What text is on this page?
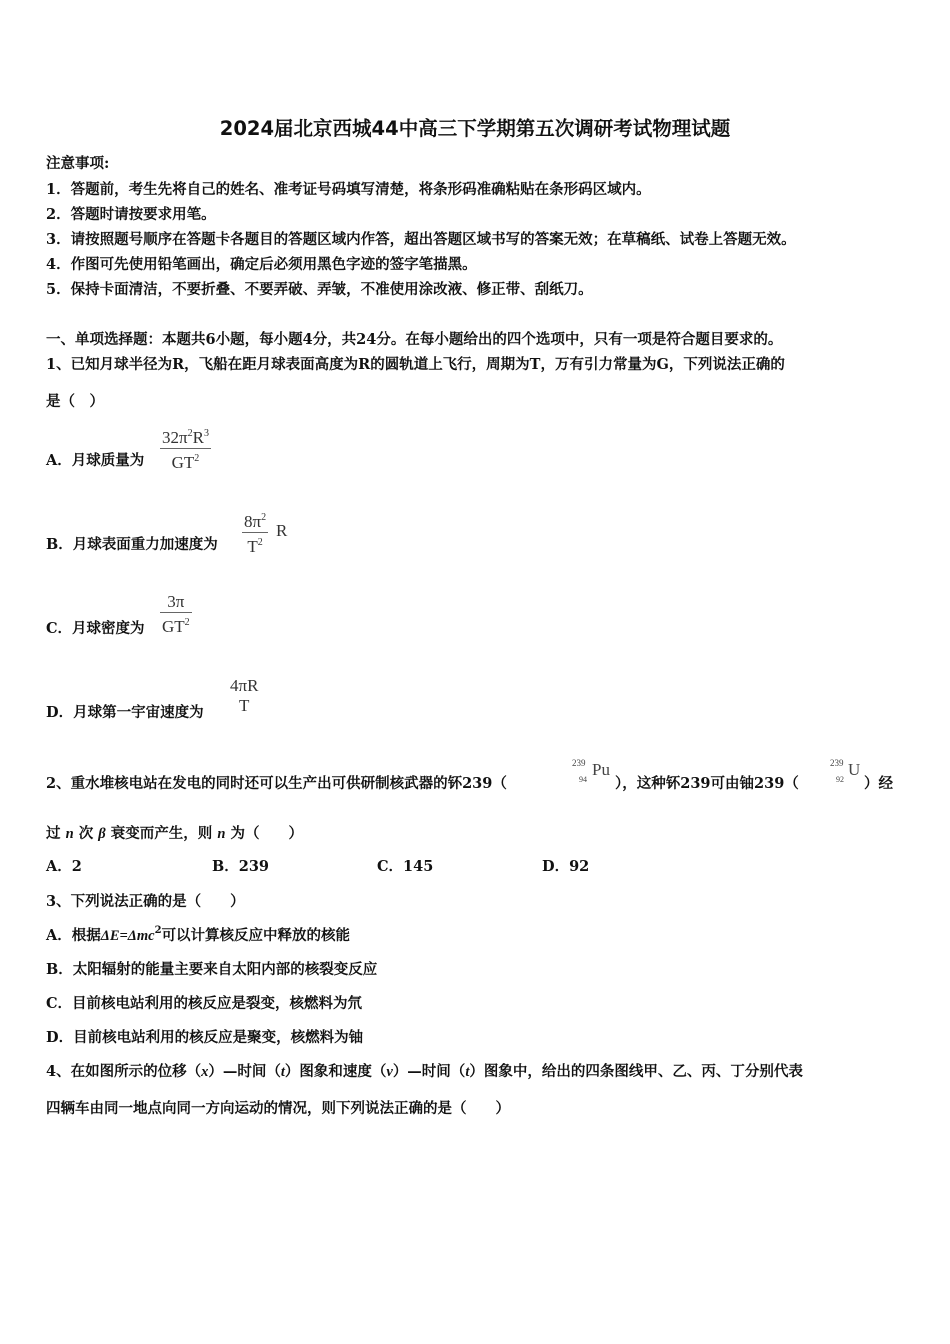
2024届北京西城44中高三下学期第五次调研考试物理试题
注意事项:
1．答题前，考生先将自己的姓名、准考证号码填写清楚，将条形码准确粘贴在条形码区域内。
2．答题时请按要求用笔。
3．请按照题号顺序在答题卡各题目的答题区域内作答，超出答题区域书写的答案无效；在草稿纸、试卷上答题无效。
4．作图可先使用铅笔画出，确定后必须用黑色字迹的签字笔描黑。
5．保持卡面清洁，不要折叠、不要弄破、弄皱，不准使用涂改液、修正带、刮纸刀。
一、单项选择题：本题共6小题，每小题4分，共24分。在每小题给出的四个选项中，只有一项是符合题目要求的。
1、已知月球半径为R，飞船在距月球表面高度为R的圆轨道上飞行，周期为T，万有引力常量为G，下列说法正确的
是（　）
A．月球质量为 $\frac{32\pi^2R^3}{GT^2}$
B．月球表面重力加速度为 $\frac{8\pi^2}{T^2}$ R
C．月球密度为 $\frac{3\pi}{GT^2}$
D．月球第一宇宙速度为
4πR
T
2、重水堆核电站在发电的同时还可以生产出可供研制核武器的钚239（
239
94
Pu
），这种钚239可由铀239（
239
92
U
）经
过 n 次 β 衰变而产生，则 n 为（　　）
A．2	B．239	C．145	D．92
3、下列说法正确的是（　　）
A．根据ΔE=Δmc$^2$可以计算核反应中释放的核能
B．太阳辐射的能量主要来自太阳内部的核裂变反应
C．目前核电站利用的核反应是裂变，核燃料为氘
D．目前核电站利用的核反应是聚变，核燃料为铀
4、在如图所示的位移（x）—时间（t）图象和速度（v）—时间（t）图象中，给出的四条图线甲、乙、丙、丁分别代表
四辆车由同一地点向同一方向运动的情况，则下列说法正确的是（　　）
